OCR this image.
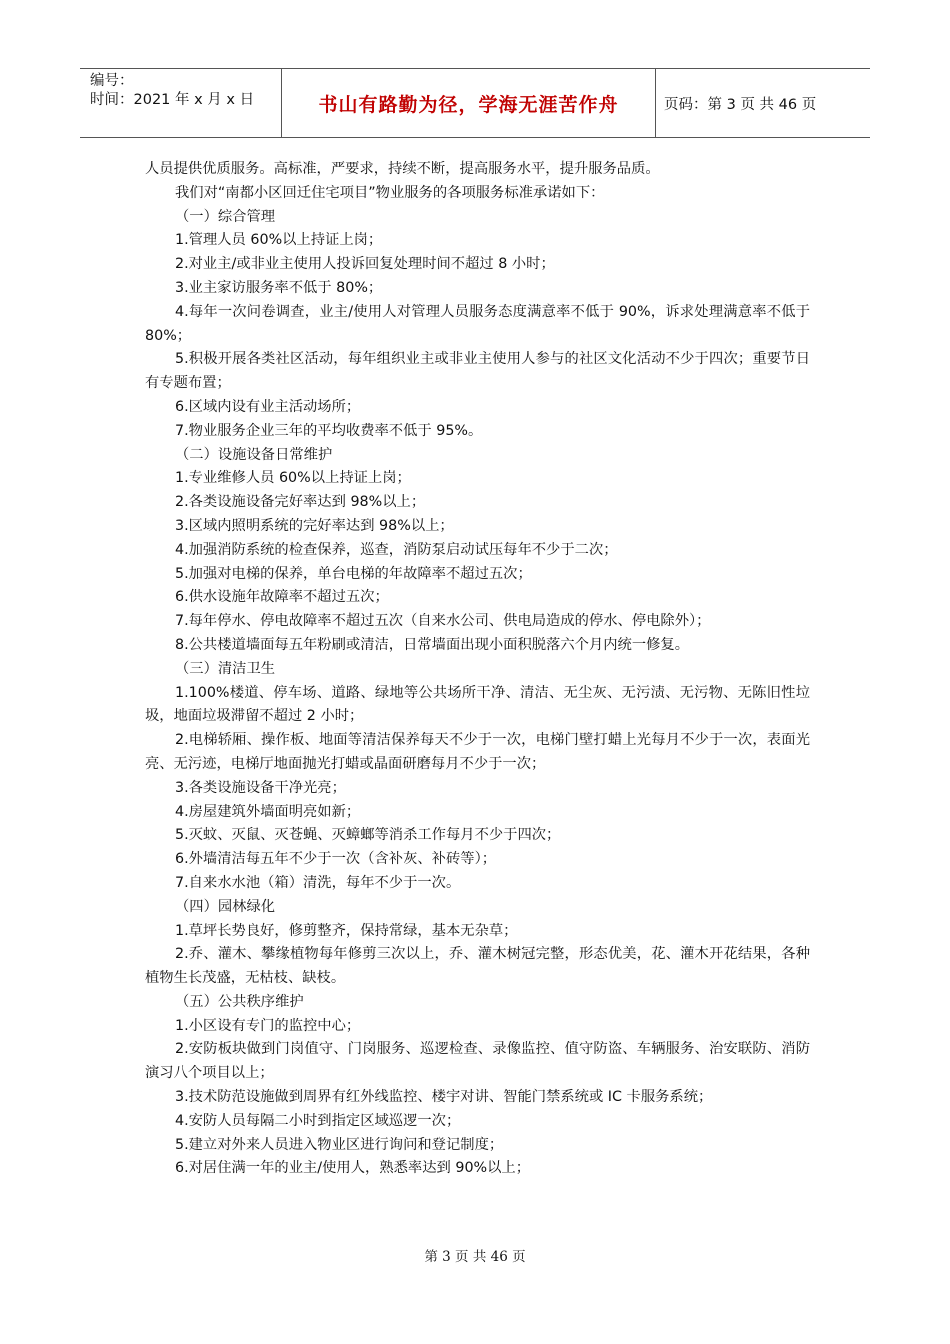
编号：
时间：2021 年 x 月 x 日	书山有路勤为径，学海无涯苦作舟	页码：第 3 页 共 46 页

人员提供优质服务。高标准，严要求，持续不断，提高服务水平，提升服务品质。

我们对“南都小区回迁住宅项目”物业服务的各项服务标准承诺如下：

（一）综合管理

1.管理人员 60%以上持证上岗；

2.对业主/或非业主使用人投诉回复处理时间不超过 8 小时；

3.业主家访服务率不低于 80%；

4.每年一次问卷调查，业主/使用人对管理人员服务态度满意率不低于 90%，诉求处理满意率不低于 80%；

5.积极开展各类社区活动，每年组织业主或非业主使用人参与的社区文化活动不少于四次；重要节日有专题布置；

6.区域内设有业主活动场所；

7.物业服务企业三年的平均收费率不低于 95%。

（二）设施设备日常维护

1.专业维修人员 60%以上持证上岗；

2.各类设施设备完好率达到 98%以上；

3.区域内照明系统的完好率达到 98%以上；

4.加强消防系统的检查保养，巡查，消防泵启动试压每年不少于二次；

5.加强对电梯的保养，单台电梯的年故障率不超过五次；

6.供水设施年故障率不超过五次；

7.每年停水、停电故障率不超过五次（自来水公司、供电局造成的停水、停电除外）；

8.公共楼道墙面每五年粉刷或清洁，日常墙面出现小面积脱落六个月内统一修复。

（三）清洁卫生

1.100%楼道、停车场、道路、绿地等公共场所干净、清洁、无尘灰、无污渍、无污物、无陈旧性垃圾，地面垃圾滞留不超过 2 小时；

2.电梯轿厢、操作板、地面等清洁保养每天不少于一次，电梯门壁打蜡上光每月不少于一次，表面光亮、无污迹，电梯厅地面抛光打蜡或晶面研磨每月不少于一次；

3.各类设施设备干净光亮；

4.房屋建筑外墙面明亮如新；

5.灭蚊、灭鼠、灭苍蝇、灭蟑螂等消杀工作每月不少于四次；

6.外墙清洁每五年不少于一次（含补灰、补砖等）；

7.自来水水池（箱）清洗，每年不少于一次。

（四）园林绿化

1.草坪长势良好，修剪整齐，保持常绿，基本无杂草；

2.乔、灌木、攀缘植物每年修剪三次以上，乔、灌木树冠完整，形态优美，花、灌木开花结果，各种植物生长茂盛，无枯枝、缺枝。

（五）公共秩序维护

1.小区设有专门的监控中心；

2.安防板块做到门岗值守、门岗服务、巡逻检查、录像监控、值守防盗、车辆服务、治安联防、消防演习八个项目以上；

3.技术防范设施做到周界有红外线监控、楼宇对讲、智能门禁系统或 IC 卡服务系统；

4.安防人员每隔二小时到指定区域巡逻一次；

5.建立对外来人员进入物业区进行询问和登记制度；

6.对居住满一年的业主/使用人，熟悉率达到 90%以上；

第 3 页 共 46 页
